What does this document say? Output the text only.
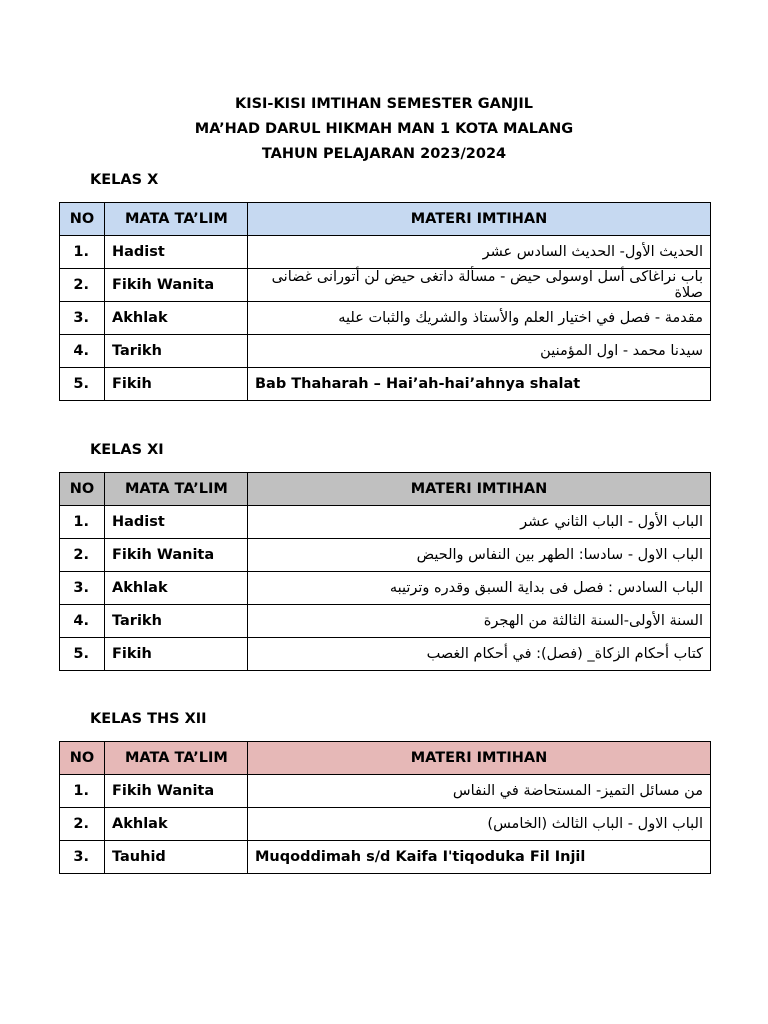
KISI-KISI IMTIHAN SEMESTER GANJIL
MA’HAD DARUL HIKMAH MAN 1 KOTA MALANG
TAHUN PELAJARAN 2023/2024
KELAS X
NO	MATA TA’LIM	MATERI IMTIHAN
1.	Hadist	الحديث الأول- الحديث السادس عشر
2.	Fikih Wanita	باب نراغاكى أسل اوسولى حيض - مسألة داتغى حيض لن أتورانى غضانى صلاة
3.	Akhlak	مقدمة - فصل في اختيار العلم والأستاذ والشريك والثبات عليه
4.	Tarikh	سيدنا محمد - اول المؤمنين
5.	Fikih	Bab Thaharah – Hai’ah-hai’ahnya shalat
KELAS XI
NO	MATA TA’LIM	MATERI IMTIHAN
1.	Hadist	الباب الأول - الباب الثاني عشر
2.	Fikih Wanita	الباب الاول - سادسا: الطهر بين النفاس والحيض
3.	Akhlak	الباب السادس : فصل فى بداية السبق وقدره وترتيبه
4.	Tarikh	السنة الأولى-السنة الثالثة من الهجرة
5.	Fikih	كتاب أحكام الزكاة_ (فصل): في أحكام الغصب
KELAS THS XII
NO	MATA TA’LIM	MATERI IMTIHAN
1.	Fikih Wanita	من مسائل التميز- المستحاضة في النفاس
2.	Akhlak	الباب الاول - الباب الثالث (الخامس)
3.	Tauhid	Muqoddimah s/d Kaifa I'tiqoduka Fil Injil
